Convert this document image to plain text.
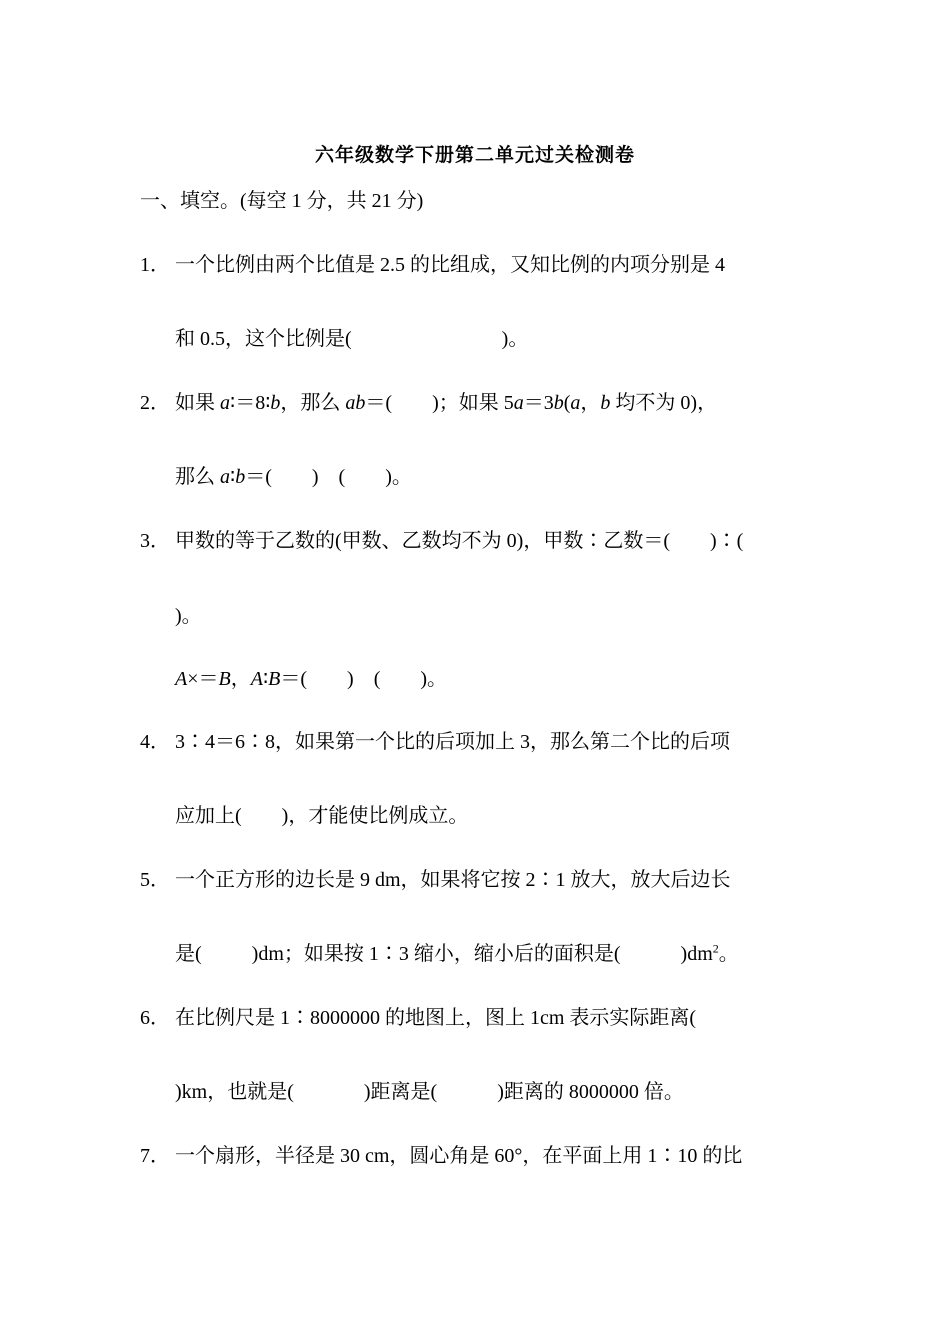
六年级数学下册第二单元过关检测卷
一、填空。(每空 1 分，共 21 分)
1． 一个比例由两个比值是 2.5 的比组成，又知比例的内项分别是 4
和 0.5，这个比例是(                              )。
2． 如果 a∶＝8∶b，那么 ab＝(        )；如果 5a＝3b(a，b 均不为 0)，
那么 a∶b＝(        )    (        )。
3． 甲数的等于乙数的(甲数、乙数均不为 0)，甲数∶乙数＝(        )∶(
)。
A×＝B，A∶B＝(        )    (        )。
4． 3∶4＝6∶8，如果第一个比的后项加上 3，那么第二个比的后项
应加上(        )，才能使比例成立。
5． 一个正方形的边长是 9 dm，如果将它按 2∶1 放大，放大后边长
是(          )dm；如果按 1∶3 缩小，缩小后的面积是(            )$dm^2$。
6． 在比例尺是 1∶8000000 的地图上，图上 1cm 表示实际距离(
)km，也就是(              )距离是(            )距离的 8000000 倍。
7． 一个扇形，半径是 30 cm，圆心角是 60°，在平面上用 1∶10 的比
